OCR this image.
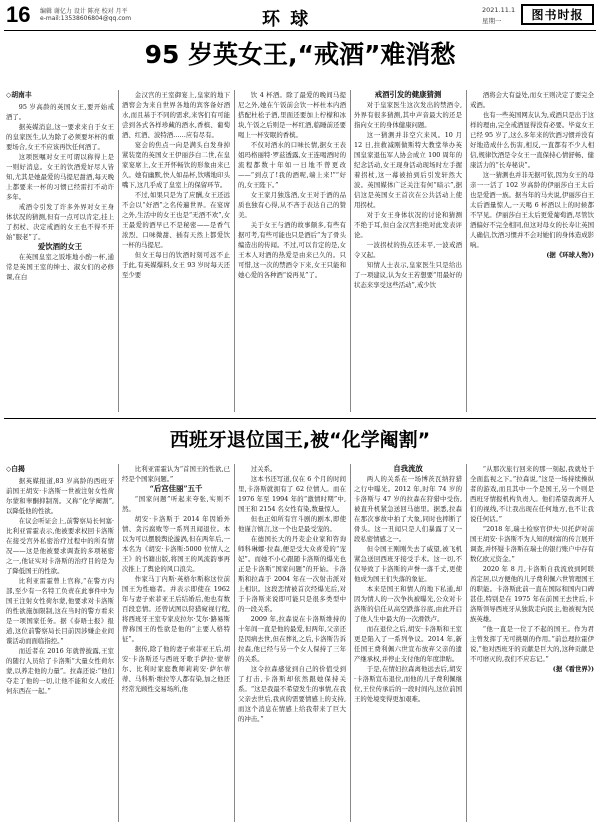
16 编辑 谢亿力 设计 陈亮 校对 月平
e-mail:13538606804@qq.com	环 球	2021.11.1
星期一 图书时报
95 岁英女王,“戒酒”难消愁
◇胡南丰

95 岁高龄的英国女王,要开始戒酒了。

据英媒消息,这一要求来自于女王的皇家医生,认为除了必须要坏杯的重要场合,女王不应该再饮任何酒了。

这项医嘱对女王可谓以称得上是一则好消息。女王的饮酒爱好尽人皆知,尤其是她最爱的马提尼甜酒,每天晚上都要来一杯的习惯已经雷打不动许多年。

戒酒令引发了许多外界对女王身体状况的猜测,但有一点可以肯定,挂上了拐杖、决定戒酒的女王也不得不开始“服老”了。

爱饮酒的女王

在英国皇室之饭堆地小酌一杯,通常是英国王室的绅士、淑女们的必修课,在白

金汉宫的王室御宴上,皇家的地下酒窖会为来自世界各地的宾客备好酒水,而且基于不同的需求,来客们有可能尝到各式各样珍藏的酒水,香槟、葡萄酒、红酒、波特酒……应有尽有。

宴会的焦点一向是满头白发身掉紧装宽的英国女王伊丽莎白二世,在皇家宴席上,女王开怀畅饮的形象由来已久。她有幽默,快人如品杯,饮嗜地印头嘴下,这几乎成了皇室上的保留环节。

不过,如果只是为了应酬,女王还远不会以“好酒”之名传遍世界。在宴席之外,生活中的女王也是“无酒不欢”,女王最爱的酒早已不是秘密——是香气浓烈、口味微甜、插有天然上都爱饮一杯的马提尼。

但女王每日的饮酒时刻可远不止于此,有英媒爆料,女王 93 岁时每天还至少要

饮 4 杯酒。除了最爱的晚间马提尼之外,她在午饭前会饮一杯杜本内酒搭配杜松子酒,里面还要加上柠檬和冰块,午饭之后则是一杯红酒,临睡前还要喝上一杯安眠的香槟。

不仅对酒水的口味长情,据女王表姐玛格丽特·罗兹透露,女王连喝酒时的流程都数十年如一日地不曾更改——“到点了!我的酒呢,端上来!”“好的,女王陛下。”

女王家月独选酒,女王对于酒的品质也独有心得,从不吝于表达自己的赞美。

关于女王与酒的故事颇多,有些有据可考,有些可能也只是酒后“为了骨头编造出的传闻。不过,可以肯定的是,女王本人对酒的热爱是由来已久的。只可惜,这一次的禁酒令下来,女王只能和她心爱的各种酒“说再见”了。

戒酒引发的健康猜测

对于皇家医生这次发出的禁酒令,外界有很多猜测,其中声音最大的还是指向女王的身体健康问题。

这一猜测并非空穴来风。10 月 12 日,拄救减刚做斯特大教堂举办英国皇家退伍军人协会成立 100 周年的纪念活动,女王现身活动现场时左手握着拐杖,这一幕被拍到后引发轩然大波。英国媒体广泛关注有何“暗示”,据信这是英国女王首次在公共活动上使用拐杖。

对于女王身体状况的讨论和猜测不绝于耳,但白金汉宫拒绝对此发表评论。

一波拐杖的热点还未平,一波戒酒令又起。

知情人士表示,皇家医生只是给出了一项建议,认为女王若想要“用最好的状态来享受这些活动”,戒少饮

酒将会大有益处,而女王则决定了要完全戒酒。

也有一些英国网友认为,戒酒只是出于这样的理由,完全戒酒显得没有必要。毕竟女王已经 95 岁了,这么多年来的饮酒习惯并没有好地造成什么伤害,相反,一直都有不少人相信,规律饮酒是令女王一直保持心情舒畅、健康活力的“长寿秘诀”。

这一猜测也并非无据可依,因为女王的母亲一一活了 102 岁高龄的伊丽莎白王太后也是爱酒一族。据当年的马夫说,伊丽莎白王太后酒量惊人,一天喝 6 杯酒以上的时候都不罕见。伊丽莎白王太后更爱葡萄酒,尽管饮酒偏好不完全相同,但这对母女的长寿让英国人确信,饮酒习惯并不会对她们的身体造成影响。

(据《环球人物》)

西班牙退位国王,被“化学阉割”
◇白揭

据英媒报道,83 岁高龄的西班牙前国王胡安·卡洛斯一世被注射女性荷尔蒙和睾酮抑制剂。又称“化学阉割”,以降低他的性欲。

在议会听证会上,前警察局长何塞·比利亚雷霍表示,他被要求权回卡洛斯在接受宫外私密治疗过程中的所有情况——这是他被要求调查的多项秘密之一,他证实对卡洛斯的治疗目的是为了降低国王的性欲。

比利亚雷霍曾上官称,“在警方内部,至少有一名特工负责在此事件中为国王注射女性荷尔蒙,他要求对卡洛斯的性欲施加限制,这在当时的警方看来是一项国家任务。据《泰晤士报》报道,这位前警察局长目前因涉嫌企业间谍活动而面临指控。”

而近者在 2016 年就曾披露,王室的随行人员给了卡洛斯“大量女性荷尔蒙,以养走他的力量”。拉森还说:“他们夺走了他的一切,让他不能和女人或任何东西在一起。”

比利亚雷霍认为“首国王的性欲,已经是个国家问题。”

“后宫佳丽”五千

“国家问题”听起来夸张,实则不然。

胡安·卡洛斯于 2014 年因婚外情、贪污腐败等一系列丑闻退位。本以为可以摆脱舆论漩涡,但在两年后,一本名为《胡安·卡洛斯:5000 位情人之王》的书籍出版,将国王的风流韵事再次推上了舆论的风口浪尖。

作家马丁内斯·英格尔斯称这位前国王为性瘾者。并表示即使在 1962 年与妻子索菲亚王后结婚后,他也有数百段恋情。还曾试图以狩猎窥视行程,将西班牙王室专家皮拉尔·艾尔·路易斯曾称国王的性欲是他的“主要人格特征”。

据传,除了他的妻子索菲亚王后,胡安·卡洛斯还与西班牙歌手萨拉·蒙蒂尔、比利时家庭教师莉莉安·萨尔蒂蒂、马科斯·维拉等人都有染,加之他还经常光顾性交易场所,他

过关系。

这本书还写道,仅在 6 个月的时间里,卡洛斯就拥有了 62 位情人。而在 1976 年至 1994 年的“激情时期”中,国王和 2154 名女性有染,数量惊人。

但也正如所有宫斗剧的剧本,即使他谨言慎言,这一个也是最受宠的。

在德国长大的丹麦企业家和咨询师科琳娜·拉森,便是受大众喜爱的“宠妃”。而她不小心跟随卡洛斯的爆光也正是卡洛斯“国家问题”的开始。卡洛斯和拉森于 2004 年在一次射击派对上相识。这段恋情被首次经爆光后,对于卡洛斯来说即可能只是很多类型中的一段关系。

2009 年,拉森说在卡洛斯维持的十年间一直是他的最爱,但两年,父亲还是因病去世,但在葬礼之后,卡洛斯告诉拉森,他已经与另一个女人保持了三年的关系。

这令拉森感觉到自己的价值受到了打击,卡洛斯却依然跟她保持关系。“这是我最不希望发生的事情,在我父亲去世后,我真的需要情感上的支持,而这个消息在情感上给我带来了巨大的冲击。”

自我流放

两人的关系在一场博茨瓦纳狩猎之行中曝光。2012 年,时年 74 岁的卡洛斯与 47 岁的拉森在狩猎中受伤,被直升机紧急送回马德里。据悉,拉森在那次事故中拍了大象,同时也摔断了骨头。这一丑闻只是人们暴露了又一段私密情感之一。

但令国王刚刚失去了威望,被飞机紧急送回西班牙接受手术。这一切,不仅导致了卡洛斯的声誉一落千丈,更使他成为国王们失落的象征。

本来是国王和情人的地下私通,却因为情人的一次争执被曝光,公众对卡洛斯的信任从高空跌落谷底,由此开启了他人生中最大的一次滑铁卢。

而在退位之后,胡安·卡洛斯和王室更是陷入了一系列争议。2014 年,新任国王费利佩六世宣布放弃父亲的遗产继承权,并停止支付他的年度津贴。

于是,在情妇拉森离他远去后,胡安·卡洛斯宣布退位,而他的儿子费利佩继位,王位传承后的一段时间内,这位前国王的处境变得更加艰难。

“从那次旅行回来的那一刻起,我就处于全面监视之下。”拉森说,“这是一场持续操纵者的游戏,而且其中一个是国王,另一个则是西班牙情报机构负责人。他们希望我离开人们的视线,不让我出现在任何地方,也不让我说任何话。”

“2018 年,瑞士检察官伊夫·贝托萨对前国王胡安·卡洛斯不为人知的财富的传言展开调查,并怀疑卡洛斯在瑞士的银行账户中存有数亿欧元资金。”

2020 年 8 月,卡洛斯自我流放到阿联酋定居,以方便他的儿子费利佩六世管理国王的职能。卡洛斯此前一直在国际和国内口碑甚佳,特别是在 1975 年在前国王去世后,卡洛斯领导西班牙从独裁走向民主,他被视为民族英雄。

“他一直是一位了不起的国王。作为君主曾发挥了无可挑剔的作用。”前总理拉霍伊说,“他对西班牙的贡献是巨大的,这种贡献是不可磨灭的,我们不应忘记。”

(据《看世界》)
